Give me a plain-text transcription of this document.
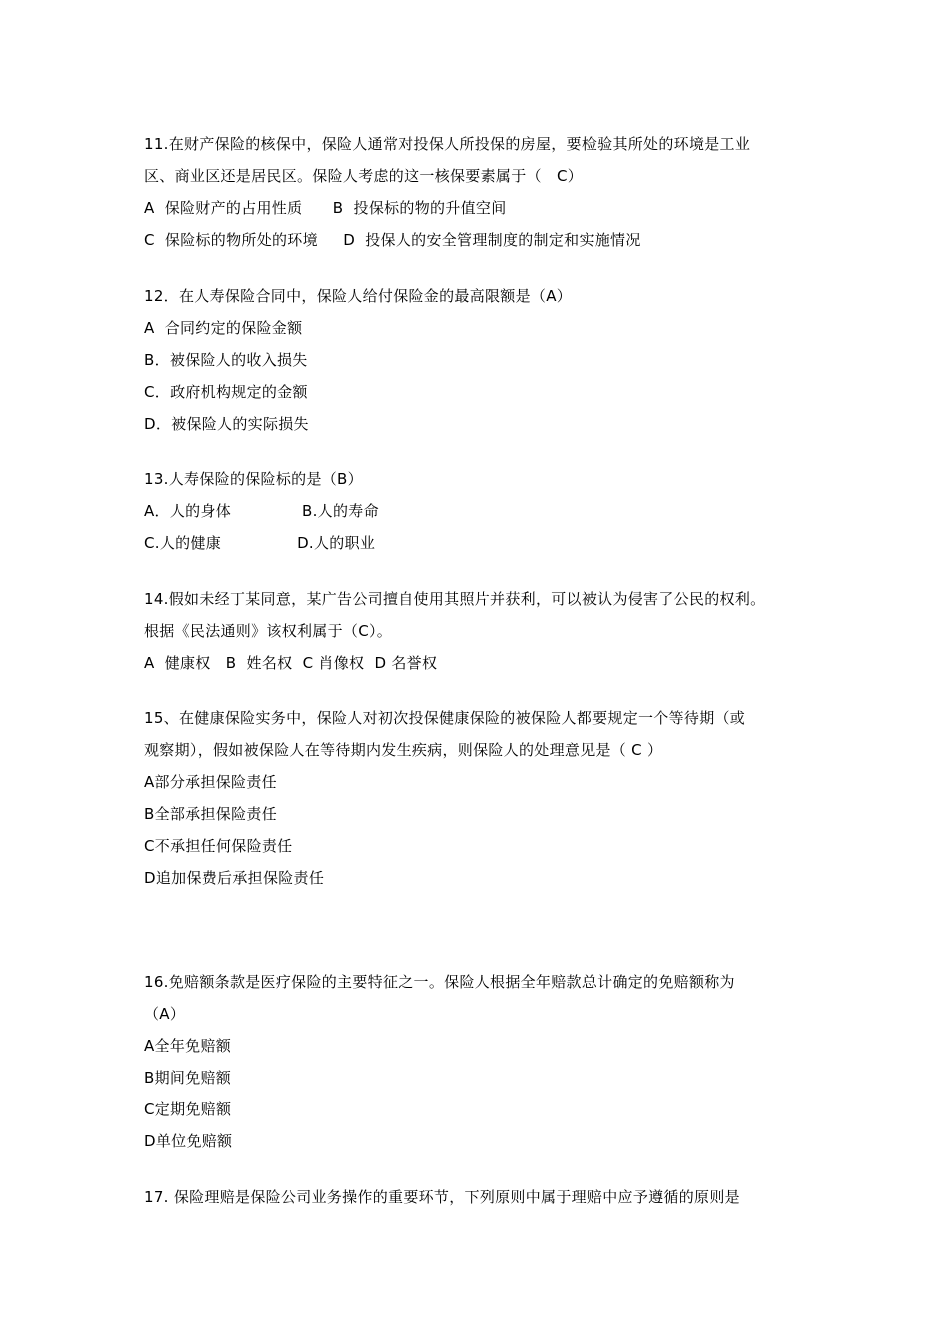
11.在财产保险的核保中，保险人通常对投保人所投保的房屋，要检验其所处的环境是工业
区、商业区还是居民区。保险人考虑的这一核保要素属于（   C）
A  保险财产的占用性质      B  投保标的物的升值空间
C  保险标的物所处的环境     D  投保人的安全管理制度的制定和实施情况
12．在人寿保险合同中，保险人给付保险金的最高限额是（A）
A  合同约定的保险金额
B．被保险人的收入损失
C．政府机构规定的金额
D．被保险人的实际损失
13.人寿保险的保险标的是（B）
A．人的身体              B.人的寿命
C.人的健康               D.人的职业
14.假如未经丁某同意，某广告公司擅自使用其照片并获利，可以被认为侵害了公民的权利。
根据《民法通则》该权利属于（C）。
A  健康权   B  姓名权  C 肖像权  D 名誉权
15、在健康保险实务中，保险人对初次投保健康保险的被保险人都要规定一个等待期（或
观察期），假如被保险人在等待期内发生疾病，则保险人的处理意见是（ C ）
A部分承担保险责任
B全部承担保险责任
C不承担任何保险责任
D追加保费后承担保险责任
16.免赔额条款是医疗保险的主要特征之一。保险人根据全年赔款总计确定的免赔额称为
（A）
A全年免赔额
B期间免赔额
C定期免赔额
D单位免赔额
17. 保险理赔是保险公司业务操作的重要环节，下列原则中属于理赔中应予遵循的原则是
